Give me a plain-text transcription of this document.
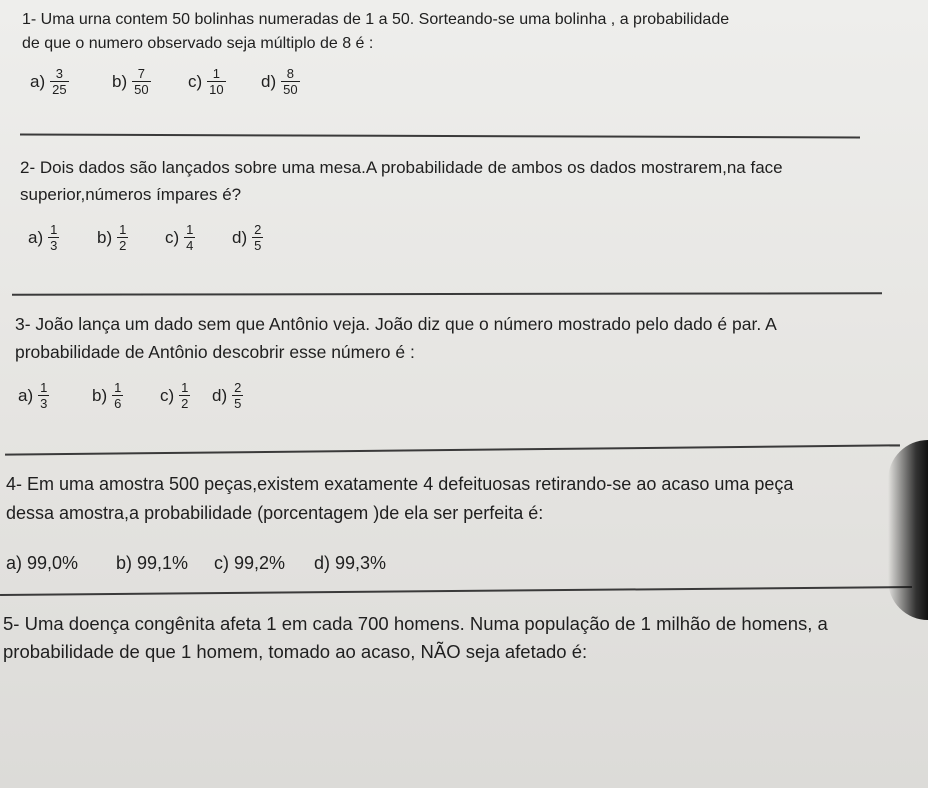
1- Uma urna contem 50 bolinhas numeradas de 1 a 50. Sorteando-se uma bolinha , a probabilidade
de que o numero observado seja múltiplo de 8 é :
$a) \frac{3}{25}$	$b) \frac{7}{50} c) \frac{1}{10} d) \frac{8}{50}$
2- Dois dados são lançados sobre uma mesa.A probabilidade de ambos os dados mostrarem,na face
superior,números ímpares é?
$a) \frac{1}{3} b) \frac{1}{2} c) \frac{1}{4} d) \frac{2}{5}$
3- João lança um dado sem que Antônio veja. João diz que o número mostrado pelo dado é par. A
probabilidade de Antônio descobrir esse número é :
$a) \frac{1}{3}$	$b) \frac{1}{6} c) \frac{1}{2} d) \frac{2}{5}$
4- Em uma amostra 500 peças,existem exatamente 4 defeituosas retirando-se ao acaso uma peça
dessa amostra,a probabilidade (porcentagem )de ela ser perfeita é:
a) 99,0% b) 99,1% c) 99,2% d) 99,3%
5- Uma doença congênita afeta 1 em cada 700 homens. Numa população de 1 milhão de homens, a
probabilidade de que 1 homem, tomado ao acaso, NÃO seja afetado é:
